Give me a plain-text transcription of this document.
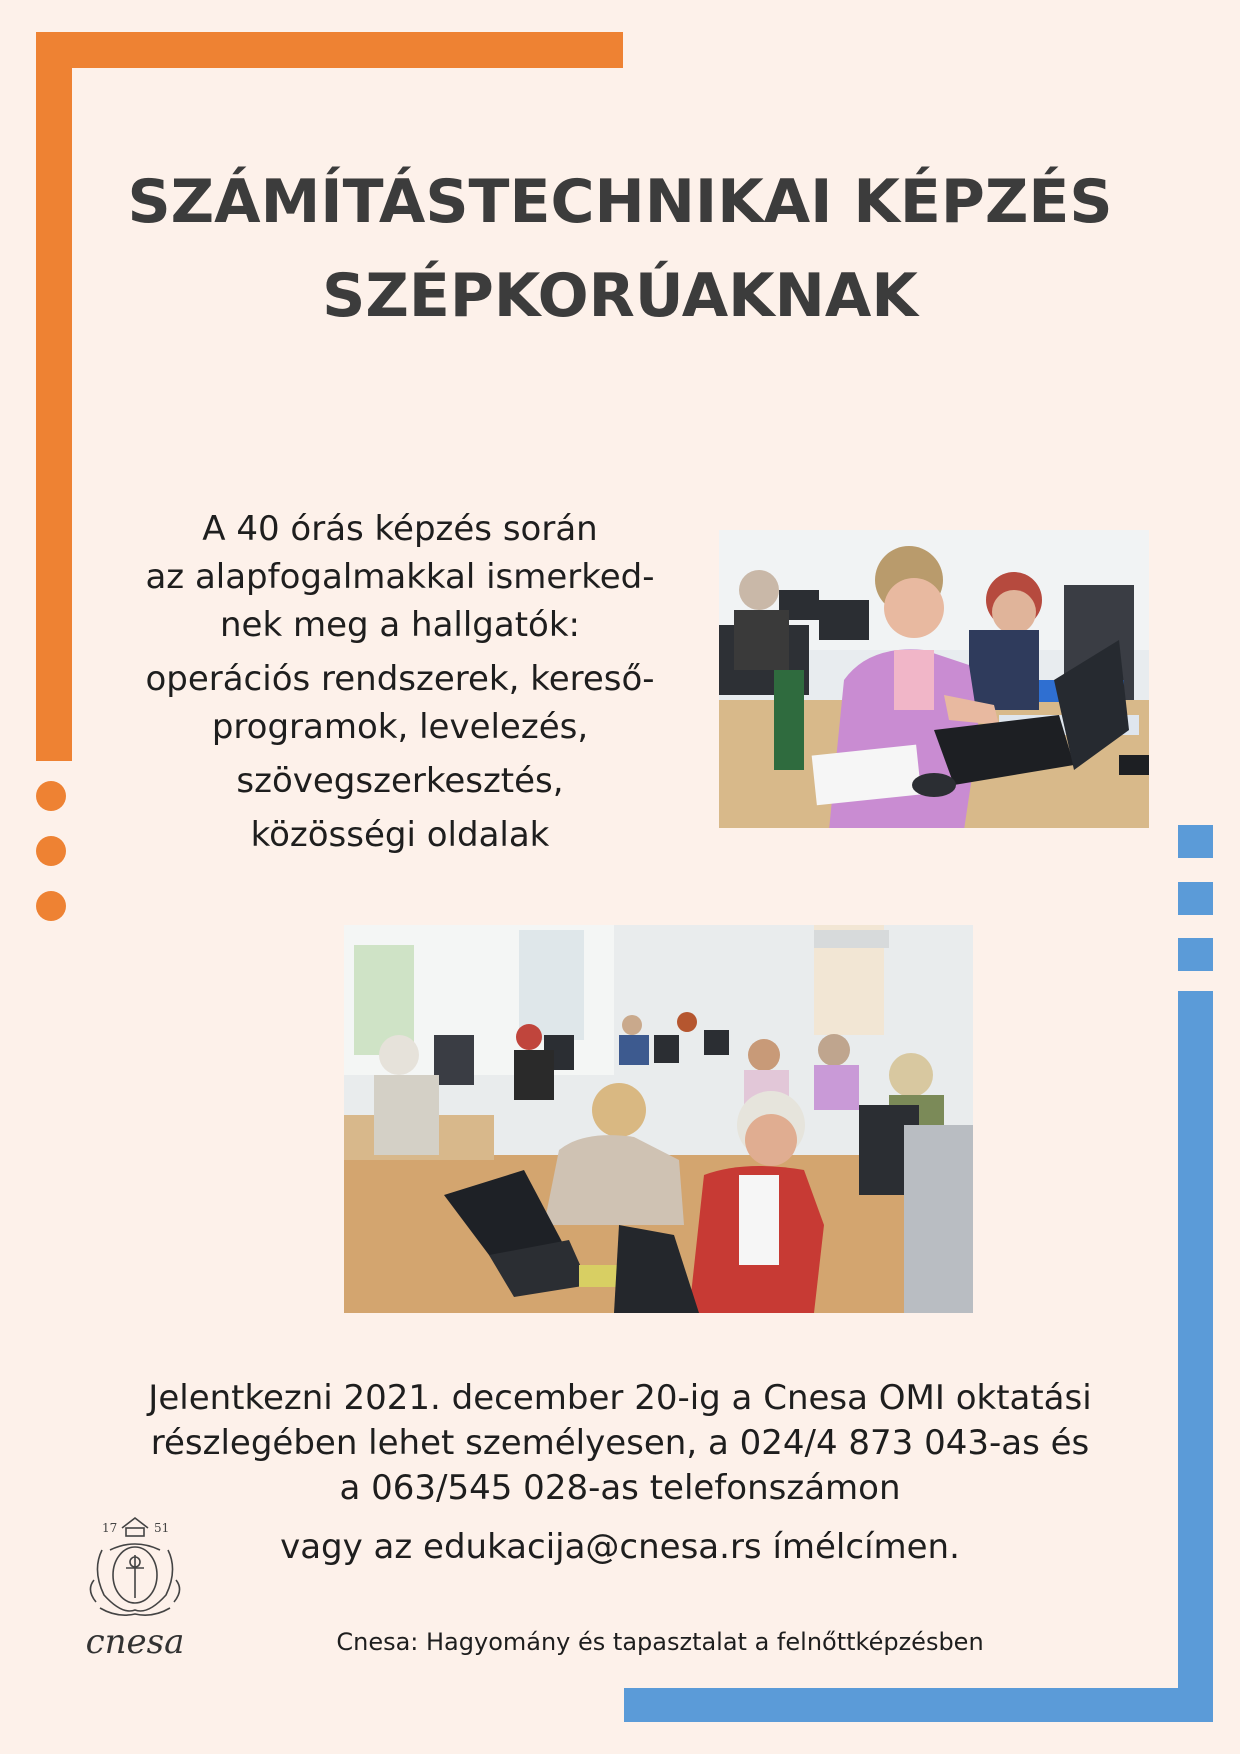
SZÁMÍTÁSTECHNIKAI KÉPZÉS
SZÉPKORÚAKNAK
A 40 órás képzés során
az alapfogalmakkal ismerked-
nek meg a hallgatók:
operációs rendszerek, kereső-
programok, levelezés,
szövegszerkesztés,
közösségi oldalak
Jelentkezni 2021. december 20-ig a Cnesa OMI oktatási
részlegében lehet személyesen, a 024/4 873 043-as és
a 063/545 028-as telefonszámon
vagy az edukacija@cnesa.rs ímélcímen.
17	51
cnesa	Cnesa: Hagyomány és tapasztalat a felnőttképzésben
